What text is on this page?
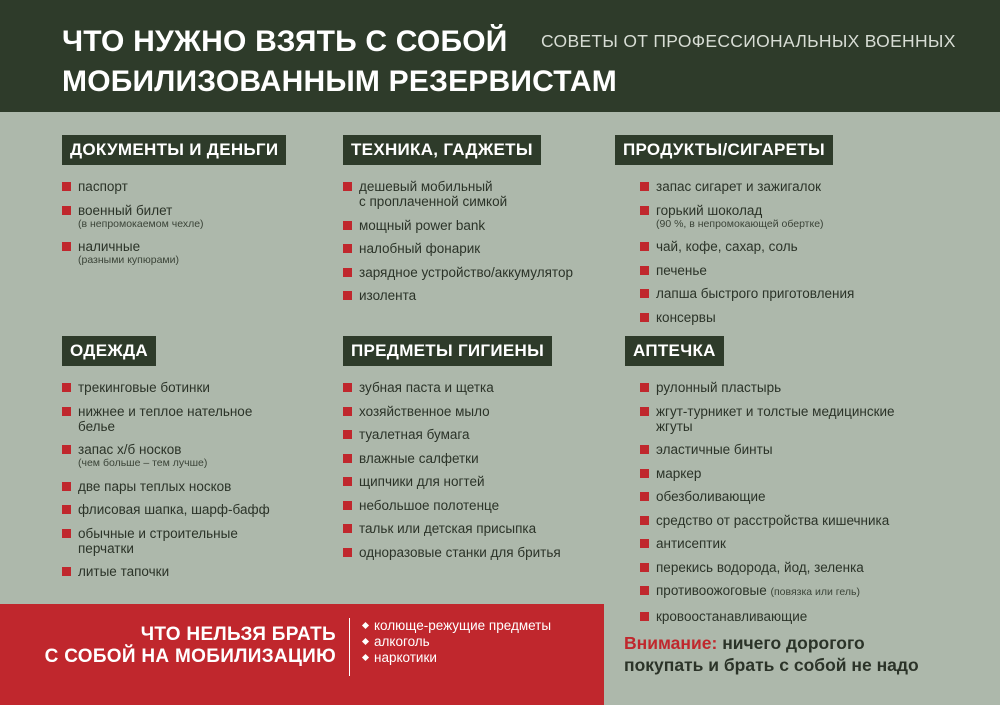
ЧТО НУЖНО ВЗЯТЬ С СОБОЙ
МОБИЛИЗОВАННЫМ РЕЗЕРВИСТАМ
СОВЕТЫ ОТ ПРОФЕССИОНАЛЬНЫХ ВОЕННЫХ
ДОКУМЕНТЫ И ДЕНЬГИ
паспорт
военный билет
(в непромокаемом чехле)
наличные
(разными купюрами)
ТЕХНИКА, ГАДЖЕТЫ
дешевый мобильный
с проплаченной симкой
мощный power bank
налобный фонарик
зарядное устройство/аккумулятор
изолента
ПРОДУКТЫ/СИГАРЕТЫ
запас сигарет и зажигалок
горький шоколад
(90 %, в непромокающей обертке)
чай, кофе, сахар, соль
печенье
лапша быстрого приготовления
консервы
ОДЕЖДА
трекинговые ботинки
нижнее и теплое нательное
белье
запас х/б носков
(чем больше – тем лучше)
две пары теплых носков
флисовая шапка, шарф-бафф
обычные и строительные
перчатки
литые тапочки
ПРЕДМЕТЫ ГИГИЕНЫ
зубная паста и щетка
хозяйственное мыло
туалетная бумага
влажные салфетки
щипчики для ногтей
небольшое полотенце
тальк или детская присыпка
одноразовые станки для бритья
АПТЕЧКА
рулонный пластырь
жгут-турникет и толстые медицинские
жгуты
эластичные бинты
маркер
обезболивающие
средство от расстройства кишечника
антисептик
перекись водорода, йод, зеленка
противоожоговые (повязка или гель)
кровоостанавливающие
ЧТО НЕЛЬЗЯ БРАТЬ
С СОБОЙ НА МОБИЛИЗАЦИЮ
колюще-режущие предметы
алкоголь
наркотики
Внимание: ничего дорогого
покупать и брать с собой не надо
